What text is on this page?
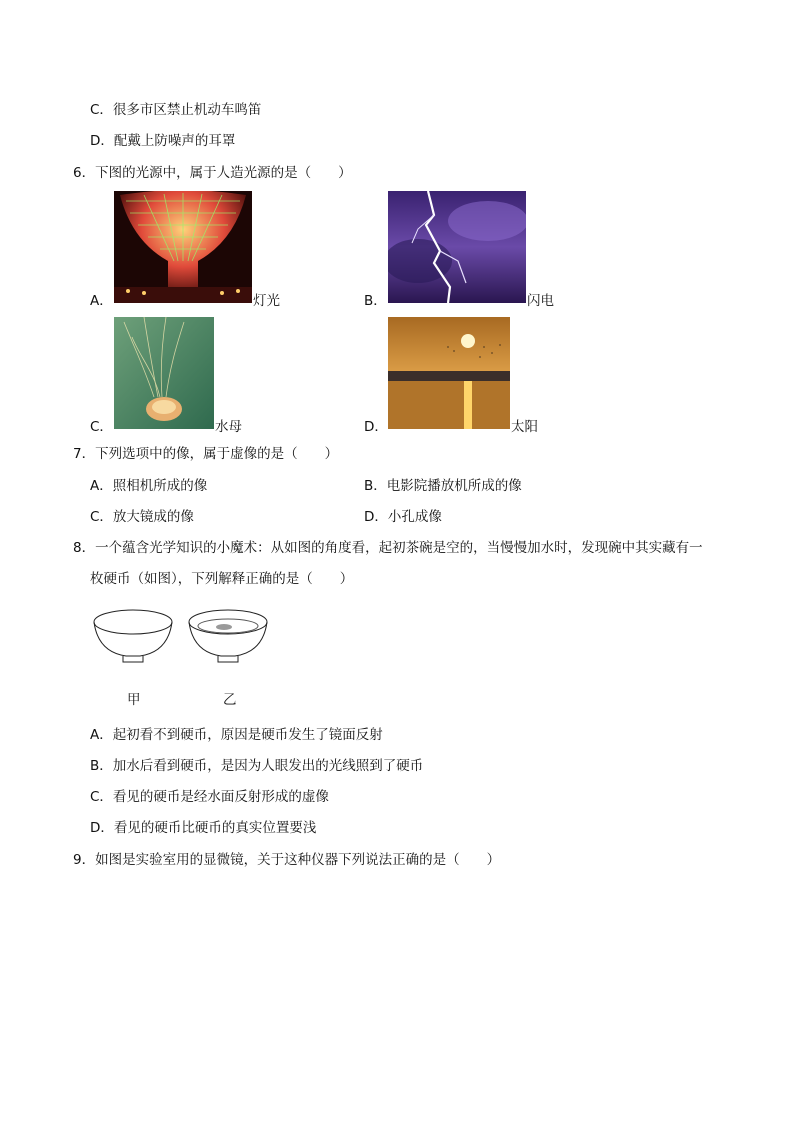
C．很多市区禁止机动车鸣笛
D．配戴上防噪声的耳罩
6．下图的光源中，属于人造光源的是（　　）
A．	灯光	B．	闪电
C．	水母	D．	太阳
7．下列选项中的像，属于虚像的是（　　）
A．照相机所成的像	B．电影院播放机所成的像
C．放大镜成的像	D．小孔成像
8．一个蕴含光学知识的小魔术：从如图的角度看，起初茶碗是空的，当慢慢加水时，发现碗中其实藏有一
枚硬币（如图），下列解释正确的是（　　）
甲	乙
A．起初看不到硬币，原因是硬币发生了镜面反射
B．加水后看到硬币，是因为人眼发出的光线照到了硬币
C．看见的硬币是经水面反射形成的虚像
D．看见的硬币比硬币的真实位置要浅
9．如图是实验室用的显微镜，关于这种仪器下列说法正确的是（　　）
